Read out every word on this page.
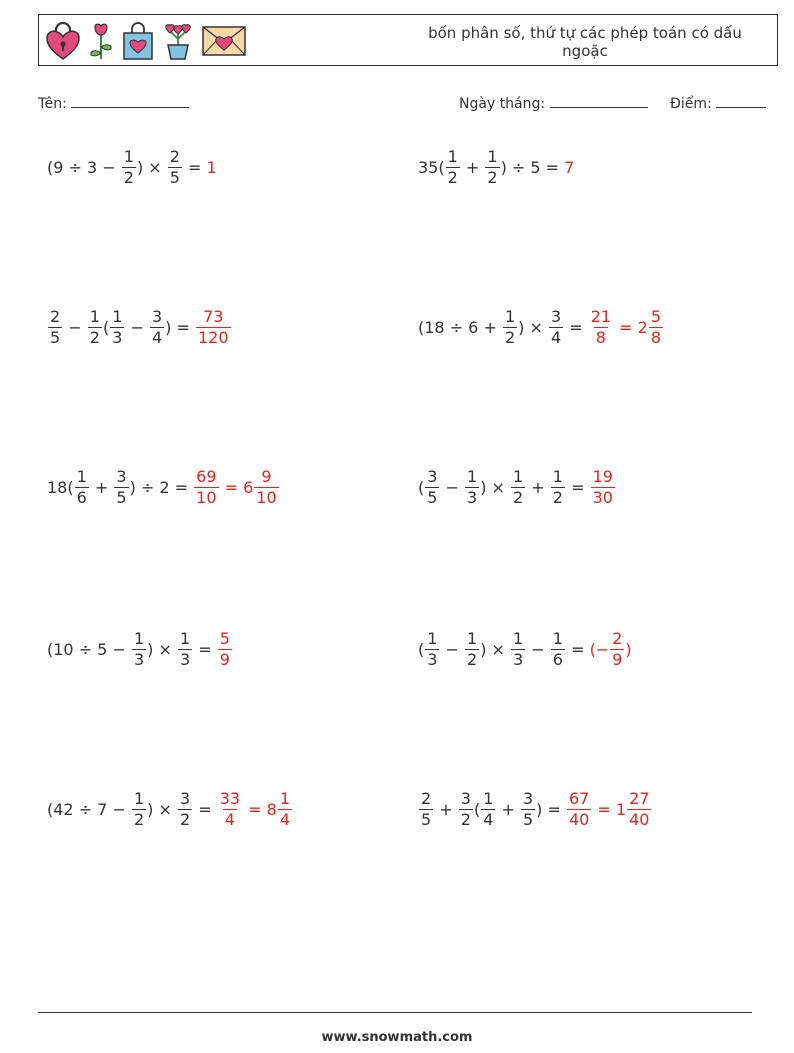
bốn phân số, thứ tự các phép toán có dấu ngoặc
Tên:	Ngày tháng:	Điểm:
($9 \div 3 - \frac{1}{2}$ ) × $\frac{2}{5} = 1$	$35( \frac{1}{2} + \frac{1}{2}$ ) ÷ 5 = 7
$\frac{2}{5} - \frac{1}{2}$ ( $\frac{1}{3} - \frac{3}{4}$ ) = $\frac{73}{120}$	($18 \div 6 + \frac{1}{2}$ ) × $\frac{3}{4} = \frac{21}{8} = 2 \frac{5}{8}$
$18( \frac{1}{6} + \frac{3}{5}$ ) ÷ $2 = \frac{69}{10} = 6 \frac{9}{10}$	( $\frac{3}{5} - \frac{1}{3}$ ) × $\frac{1}{2} + \frac{1}{2} = \frac{19}{30}$
($10 \div 5 - \frac{1}{3}$ ) × $\frac{1}{3} = \frac{5}{9}$	( $\frac{1}{3} - \frac{1}{2}$ ) × $\frac{1}{3} - \frac{1}{6}$ = (− $\frac{2}{9}$ )
($42 \div 7 - \frac{1}{2}$ ) × $\frac{3}{2} = \frac{33}{4} = 8 \frac{1}{4}$	$\frac{2}{5} + \frac{3}{2}$ ( $\frac{1}{4} + \frac{3}{5}$ ) = $\frac{67}{40} = 1 \frac{27}{40}$
www.snowmath.com
